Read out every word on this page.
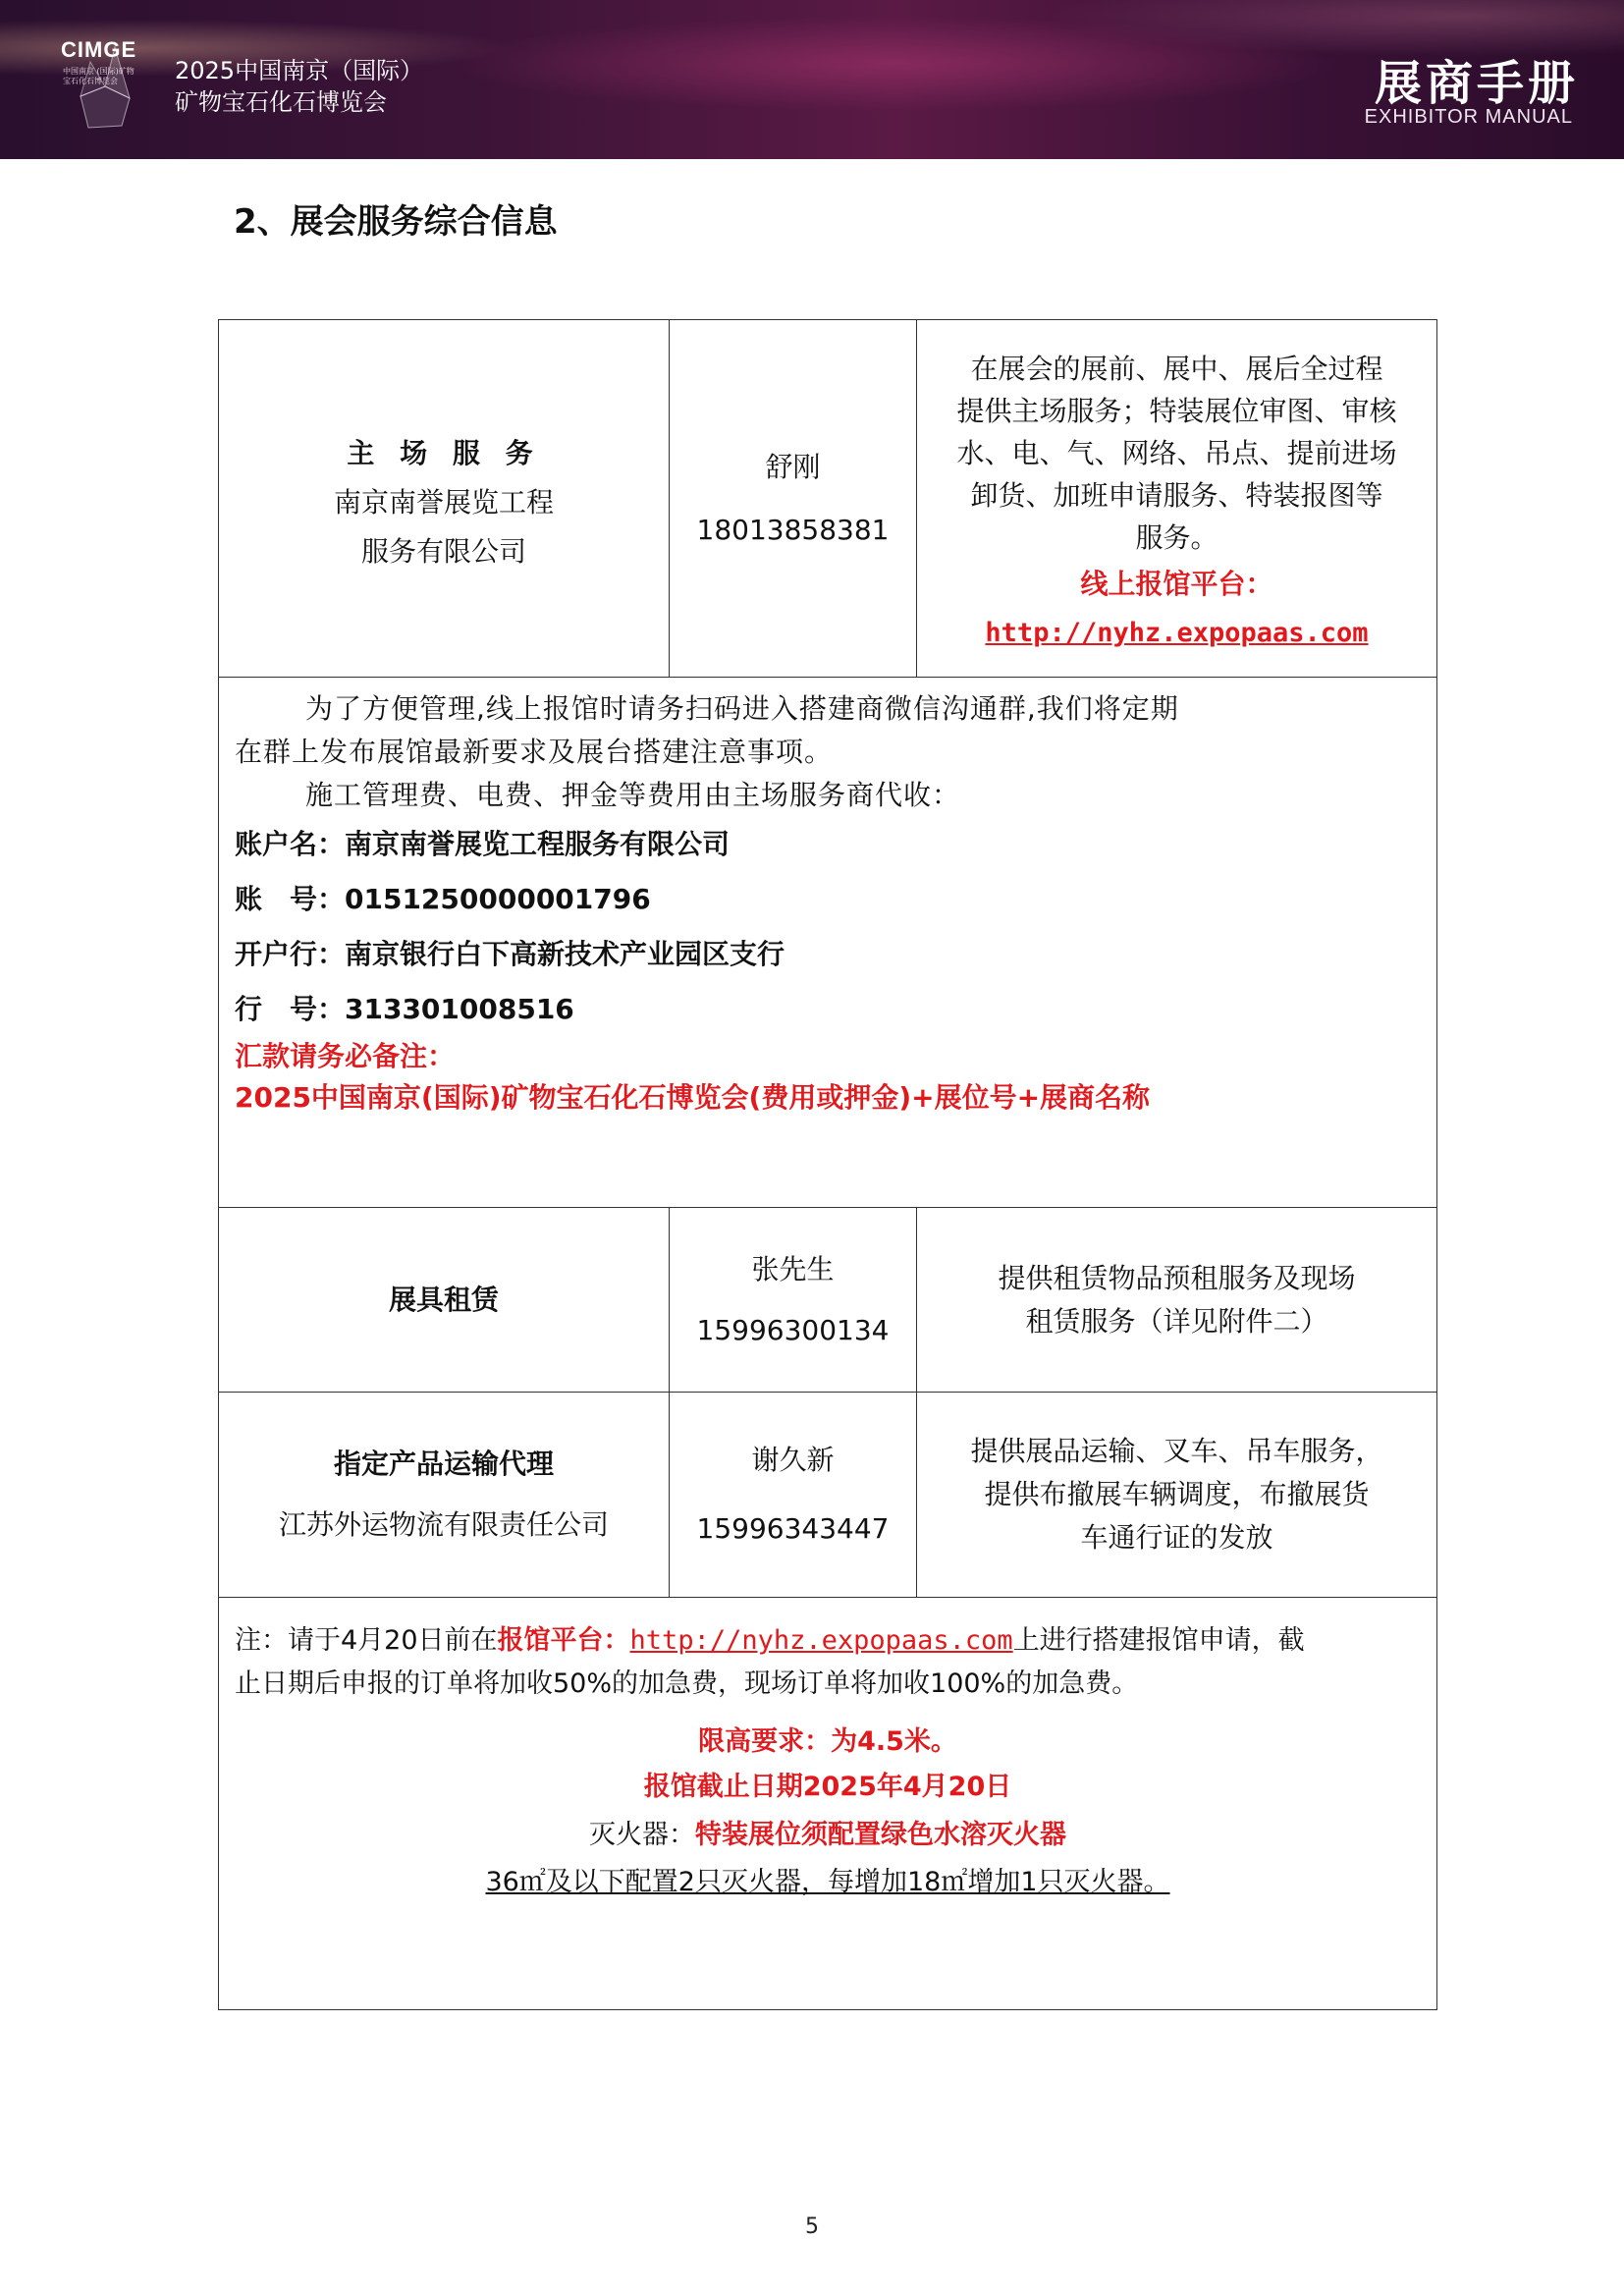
CIMGE
中国南京 (国际)矿物宝石化石博览会	2025中国南京（国际）
矿物宝石化石博览会	展商手册
EXHIBITOR MANUAL
2、展会服务综合信息
主 场 服 务
南京南誉展览工程
服务有限公司
舒刚
18013858381
在展会的展前、展中、展后全过程
提供主场服务；特装展位审图、审核
水、电、气、网络、吊点、提前进场
卸货、加班申请服务、特装报图等
服务。
线上报馆平台：
http://nyhz.expopaas.com
为了方便管理,线上报馆时请务扫码进入搭建商微信沟通群,我们将定期
在群上发布展馆最新要求及展台搭建注意事项。
施工管理费、电费、押金等费用由主场服务商代收：
账户名：南京南誉展览工程服务有限公司
账　号：0151250000001796
开户行：南京银行白下高新技术产业园区支行
行　号：313301008516
汇款请务必备注：
2025中国南京(国际)矿物宝石化石博览会(费用或押金)+展位号+展商名称
展具租赁
张先生
15996300134
提供租赁物品预租服务及现场
租赁服务（详见附件二）
指定产品运输代理
江苏外运物流有限责任公司
谢久新
15996343447
提供展品运输、叉车、吊车服务，
提供布撤展车辆调度，布撤展货
车通行证的发放
注：请于4月20日前在报馆平台：http://nyhz.expopaas.com上进行搭建报馆申请，截
止日期后申报的订单将加收50%的加急费，现场订单将加收100%的加急费。
限高要求：为4.5米。
报馆截止日期2025年4月20日
灭火器：特装展位须配置绿色水溶灭火器
36㎡及以下配置2只灭火器，每增加18㎡增加1只灭火器。
5
